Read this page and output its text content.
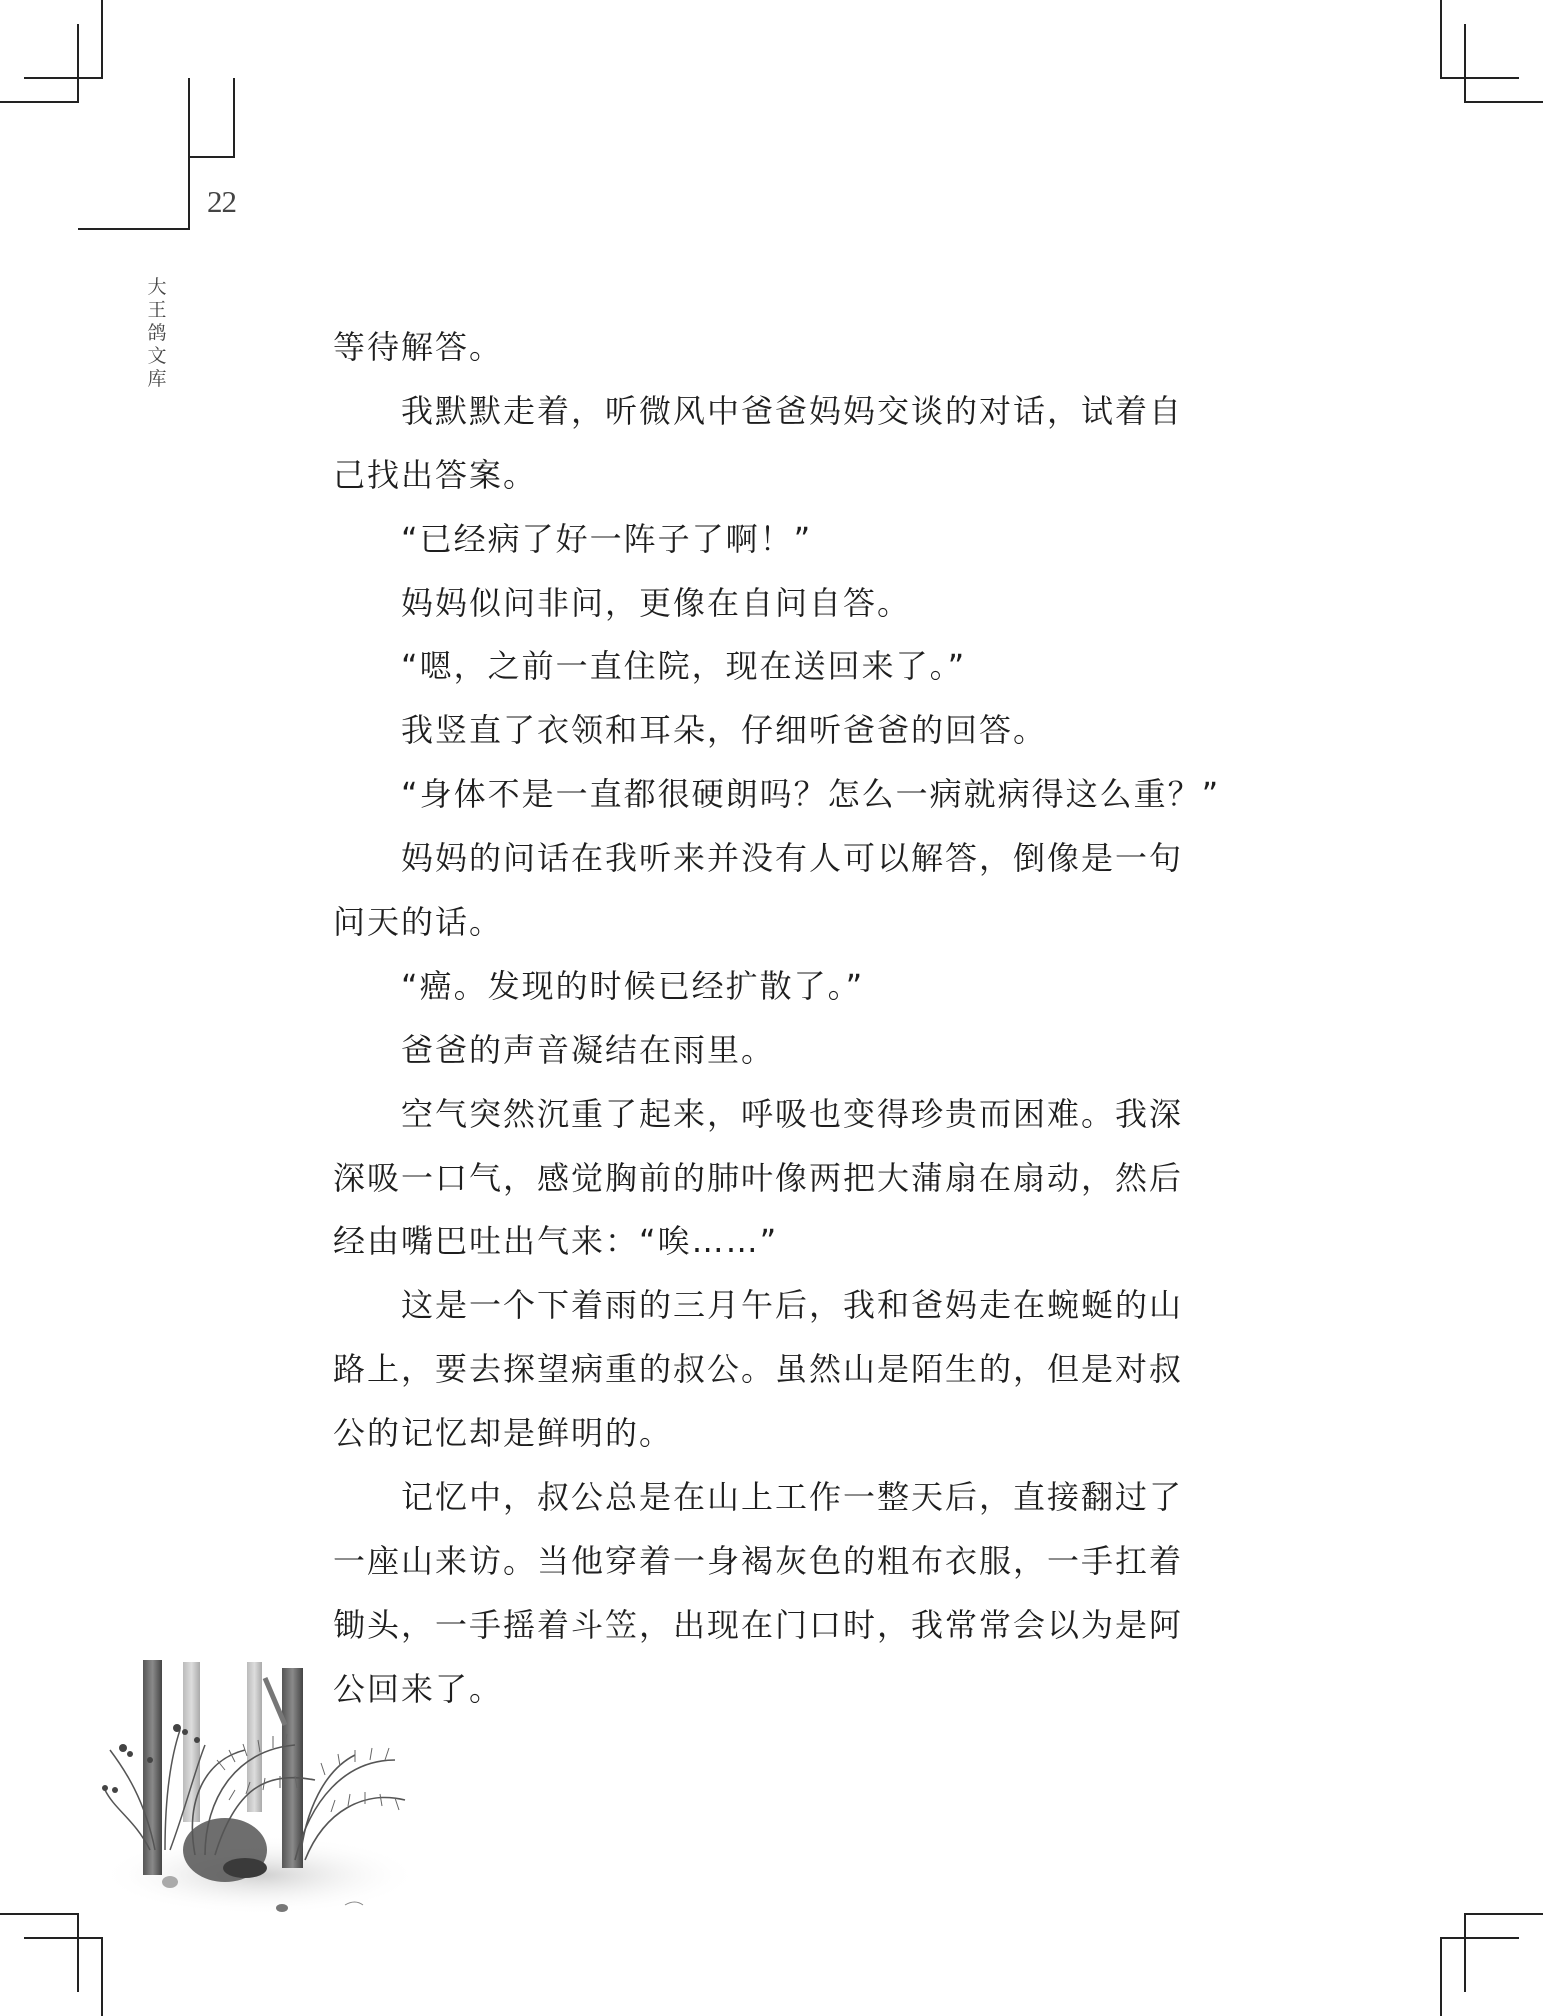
22
大王鸽文库
等待解答。
我默默走着，听微风中爸爸妈妈交谈的对话，试着自
己找出答案。
“已经病了好一阵子了啊！”
妈妈似问非问，更像在自问自答。
“嗯，之前一直住院，现在送回来了。”
我竖直了衣领和耳朵，仔细听爸爸的回答。
“身体不是一直都很硬朗吗？怎么一病就病得这么重？”
妈妈的问话在我听来并没有人可以解答，倒像是一句
问天的话。
“癌。发现的时候已经扩散了。”
爸爸的声音凝结在雨里。
空气突然沉重了起来，呼吸也变得珍贵而困难。我深
深吸一口气，感觉胸前的肺叶像两把大蒲扇在扇动，然后
经由嘴巴吐出气来：“唉……”
这是一个下着雨的三月午后，我和爸妈走在蜿蜒的山
路上，要去探望病重的叔公。虽然山是陌生的，但是对叔
公的记忆却是鲜明的。
记忆中，叔公总是在山上工作一整天后，直接翻过了
一座山来访。当他穿着一身褐灰色的粗布衣服，一手扛着
锄头，一手摇着斗笠，出现在门口时，我常常会以为是阿
公回来了。
